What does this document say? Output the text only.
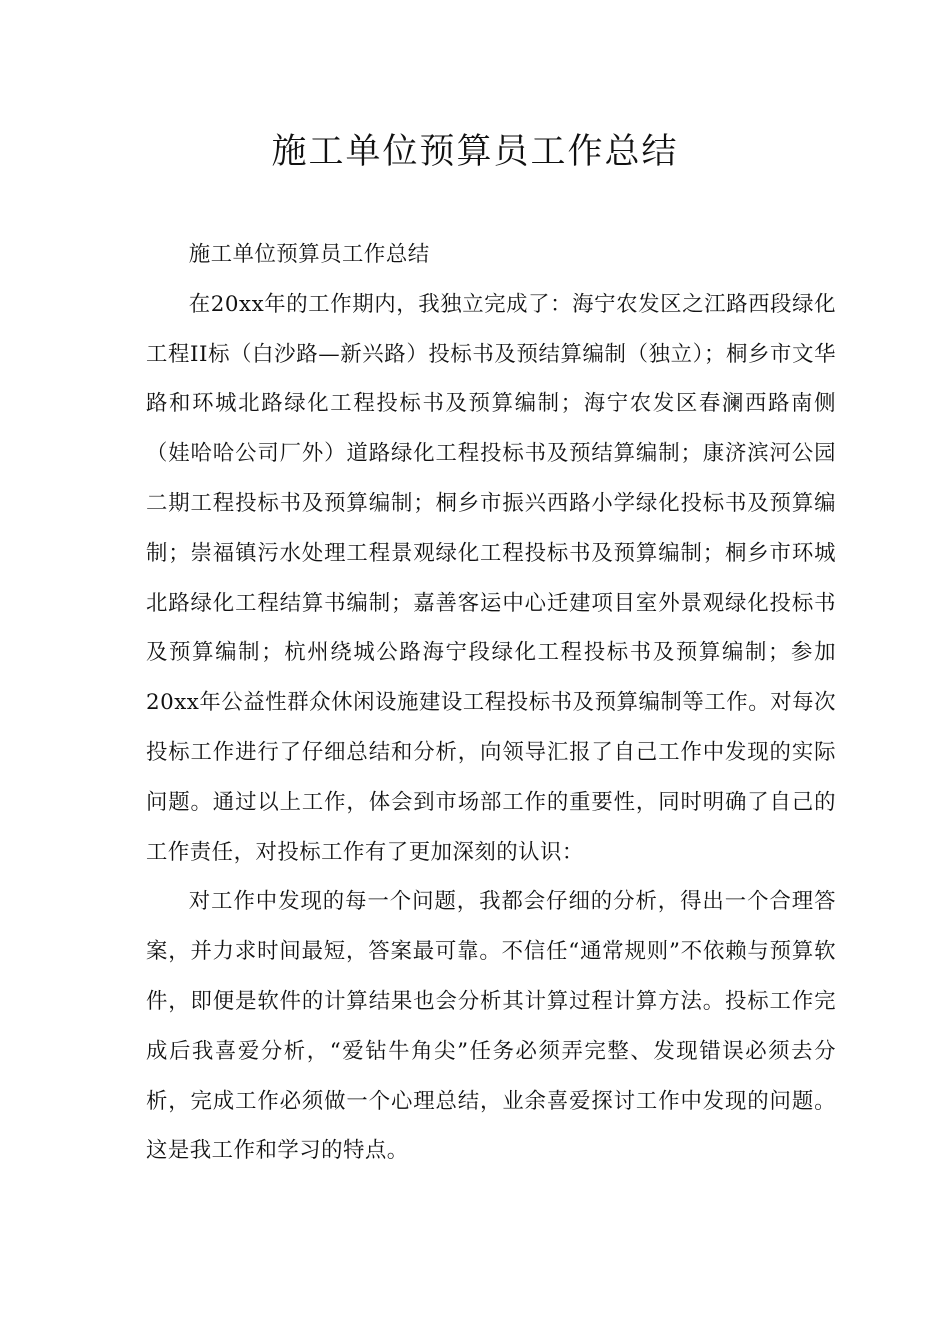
施工单位预算员工作总结

施工单位预算员工作总结

在20xx年的工作期内，我独立完成了：海宁农发区之江路西段绿化工程II标（白沙路—新兴路）投标书及预结算编制（独立）；桐乡市文华路和环城北路绿化工程投标书及预算编制；海宁农发区春澜西路南侧（娃哈哈公司厂外）道路绿化工程投标书及预结算编制；康济滨河公园二期工程投标书及预算编制；桐乡市振兴西路小学绿化投标书及预算编制；崇福镇污水处理工程景观绿化工程投标书及预算编制；桐乡市环城北路绿化工程结算书编制；嘉善客运中心迁建项目室外景观绿化投标书及预算编制；杭州绕城公路海宁段绿化工程投标书及预算编制；参加20xx年公益性群众休闲设施建设工程投标书及预算编制等工作。对每次投标工作进行了仔细总结和分析，向领导汇报了自己工作中发现的实际问题。通过以上工作，体会到市场部工作的重要性，同时明确了自己的工作责任，对投标工作有了更加深刻的认识：

对工作中发现的每一个问题，我都会仔细的分析，得出一个合理答案，并力求时间最短，答案最可靠。不信任“通常规则”不依赖与预算软件，即便是软件的计算结果也会分析其计算过程计算方法。投标工作完成后我喜爱分析，“爱钻牛角尖”任务必须弄完整、发现错误必须去分析，完成工作必须做一个心理总结，业余喜爱探讨工作中发现的问题。这是我工作和学习的特点。
